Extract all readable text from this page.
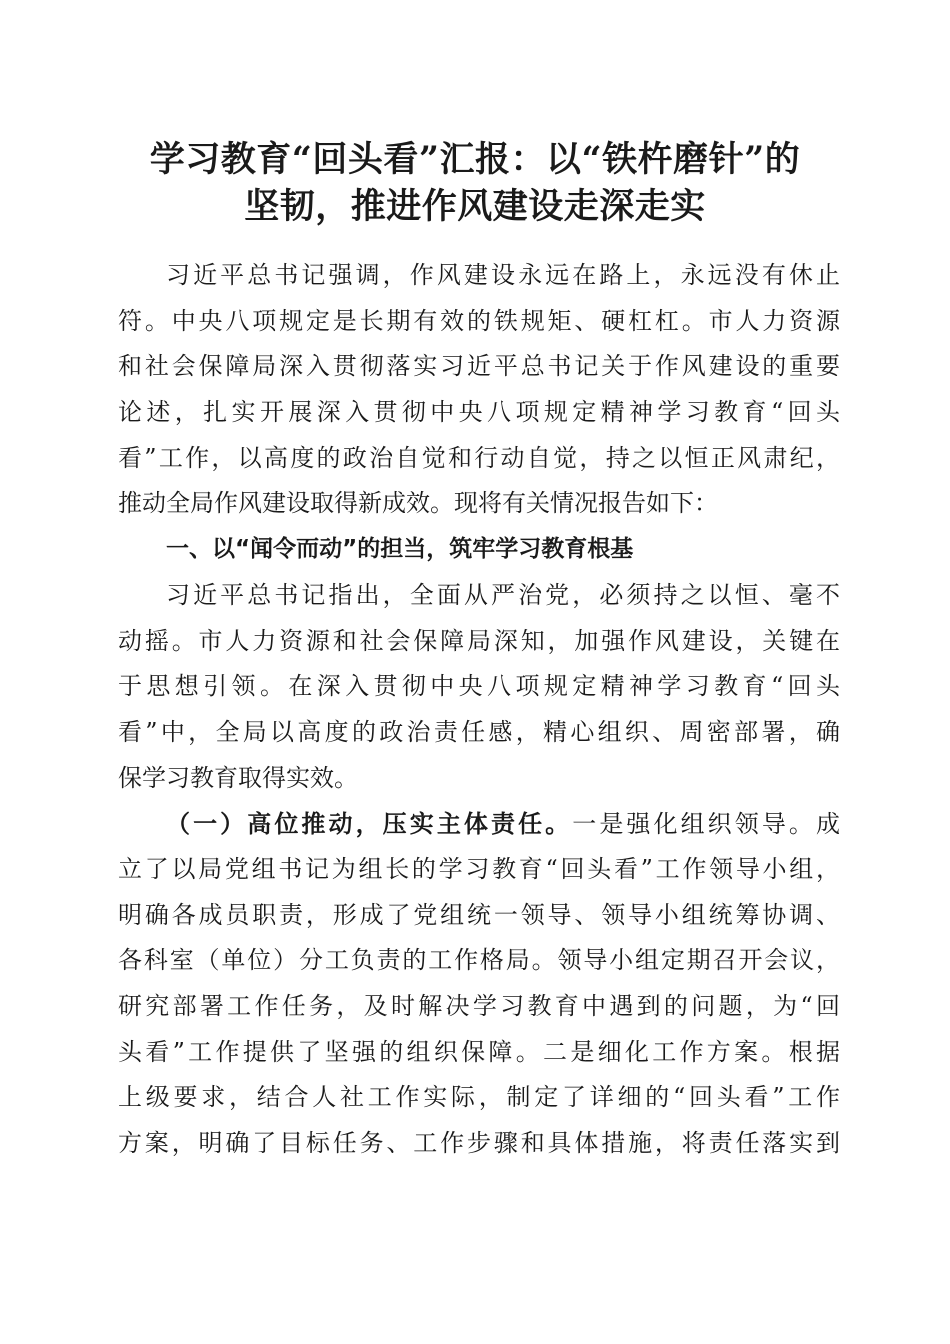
学习教育“回头看”汇报：以“铁杵磨针”的
坚韧，推进作风建设走深走实
习近平总书记强调，作风建设永远在路上，永远没有休止
符。中央八项规定是长期有效的铁规矩、硬杠杠。市人力资源
和社会保障局深入贯彻落实习近平总书记关于作风建设的重要
论述，扎实开展深入贯彻中央八项规定精神学习教育“回头
看”工作，以高度的政治自觉和行动自觉，持之以恒正风肃纪，
推动全局作风建设取得新成效。现将有关情况报告如下：
一、以“闻令而动”的担当，筑牢学习教育根基
习近平总书记指出，全面从严治党，必须持之以恒、毫不
动摇。市人力资源和社会保障局深知，加强作风建设，关键在
于思想引领。在深入贯彻中央八项规定精神学习教育“回头
看”中，全局以高度的政治责任感，精心组织、周密部署，确
保学习教育取得实效。
（一）高位推动，压实主体责任。一是强化组织领导。成
立了以局党组书记为组长的学习教育“回头看”工作领导小组，
明确各成员职责，形成了党组统一领导、领导小组统筹协调、
各科室（单位）分工负责的工作格局。领导小组定期召开会议，
研究部署工作任务，及时解决学习教育中遇到的问题，为“回
头看”工作提供了坚强的组织保障。二是细化工作方案。根据
上级要求，结合人社工作实际，制定了详细的“回头看”工作
方案，明确了目标任务、工作步骤和具体措施，将责任落实到
